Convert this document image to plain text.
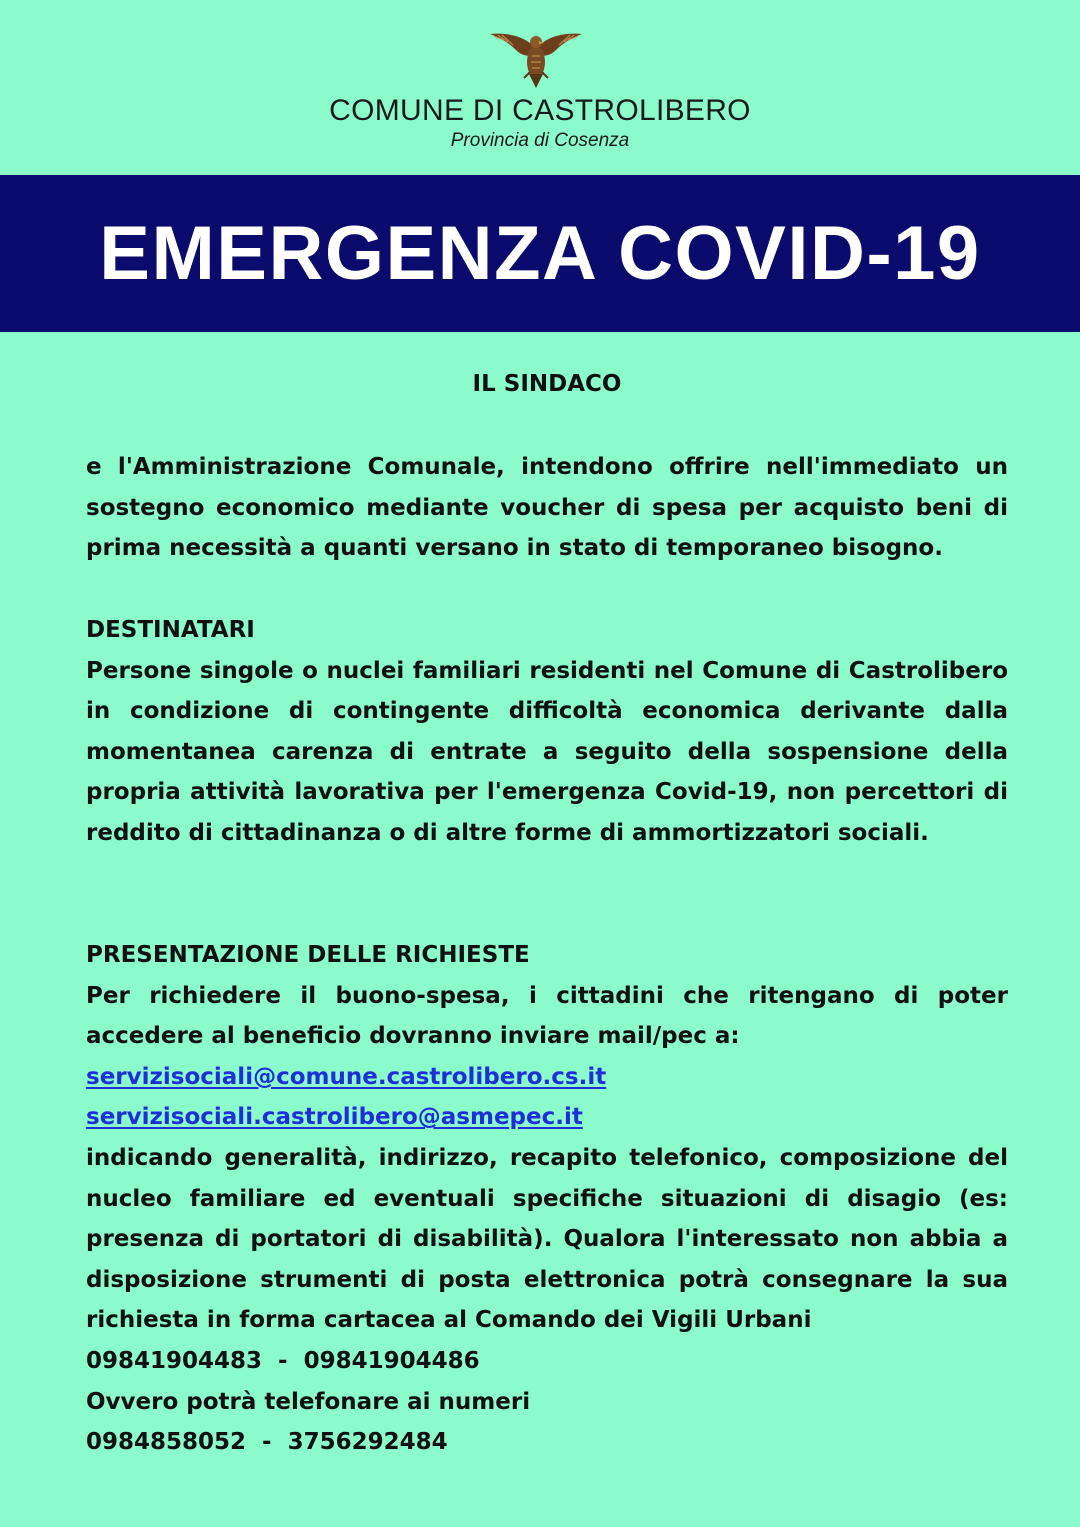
COMUNE DI CASTROLIBERO
Provincia di Cosenza
EMERGENZA COVID-19
IL SINDACO

e l'Amministrazione Comunale, intendono offrire nell'immediato un sostegno economico mediante voucher di spesa per acquisto beni di prima necessità a quanti versano in stato di temporaneo bisogno.

DESTINATARI

Persone singole o nuclei familiari residenti nel Comune di Castrolibero in condizione di contingente difficoltà economica derivante dalla momentanea carenza di entrate a seguito della sospensione della propria attività lavorativa per l'emergenza Covid-19, non percettori di reddito di cittadinanza o di altre forme di ammortizzatori sociali.

PRESENTAZIONE DELLE RICHIESTE

Per richiedere il buono-spesa, i cittadini che ritengano di poter accedere al beneficio dovranno inviare mail/pec a:

servizisociali@comune.castrolibero.cs.it
servizisociali.castrolibero@asmepec.it

indicando generalità, indirizzo, recapito telefonico, composizione del nucleo familiare ed eventuali specifiche situazioni di disagio (es: presenza di portatori di disabilità). Qualora l'interessato non abbia a disposizione strumenti di posta elettronica potrà consegnare la sua richiesta in forma cartacea al Comando dei Vigili Urbani

09841904483  -  09841904486
Ovvero potrà telefonare ai numeri
0984858052  -  3756292484
